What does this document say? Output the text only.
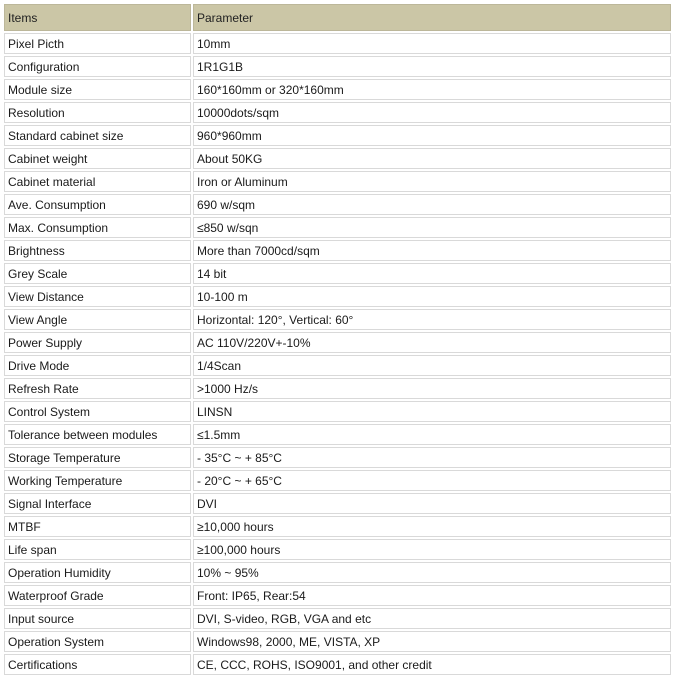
Items	Parameter
Pixel Picth	10mm
Configuration	1R1G1B
Module size	160*160mm or 320*160mm
Resolution	10000dots/sqm
Standard cabinet size	960*960mm
Cabinet weight	About 50KG
Cabinet material	Iron or Aluminum
Ave. Consumption	690 w/sqm
Max. Consumption	≤850 w/sqn
Brightness	More than 7000cd/sqm
Grey Scale	14 bit
View Distance	10-100 m
View Angle	Horizontal: 120°, Vertical: 60°
Power Supply	AC 110V/220V+-10%
Drive Mode	1/4Scan
Refresh Rate	>1000 Hz/s
Control System	LINSN
Tolerance between modules	≤1.5mm
Storage Temperature	- 35°C ~ + 85°C
Working Temperature	- 20°C ~ + 65°C
Signal Interface	DVI
MTBF	≥10,000 hours
Life span	≥100,000 hours
Operation Humidity	10% ~ 95%
Waterproof Grade	Front: IP65, Rear:54
Input source	DVI, S-video, RGB, VGA and etc
Operation System	Windows98, 2000, ME, VISTA, XP
Certifications	CE, CCC, ROHS, ISO9001, and other credit
